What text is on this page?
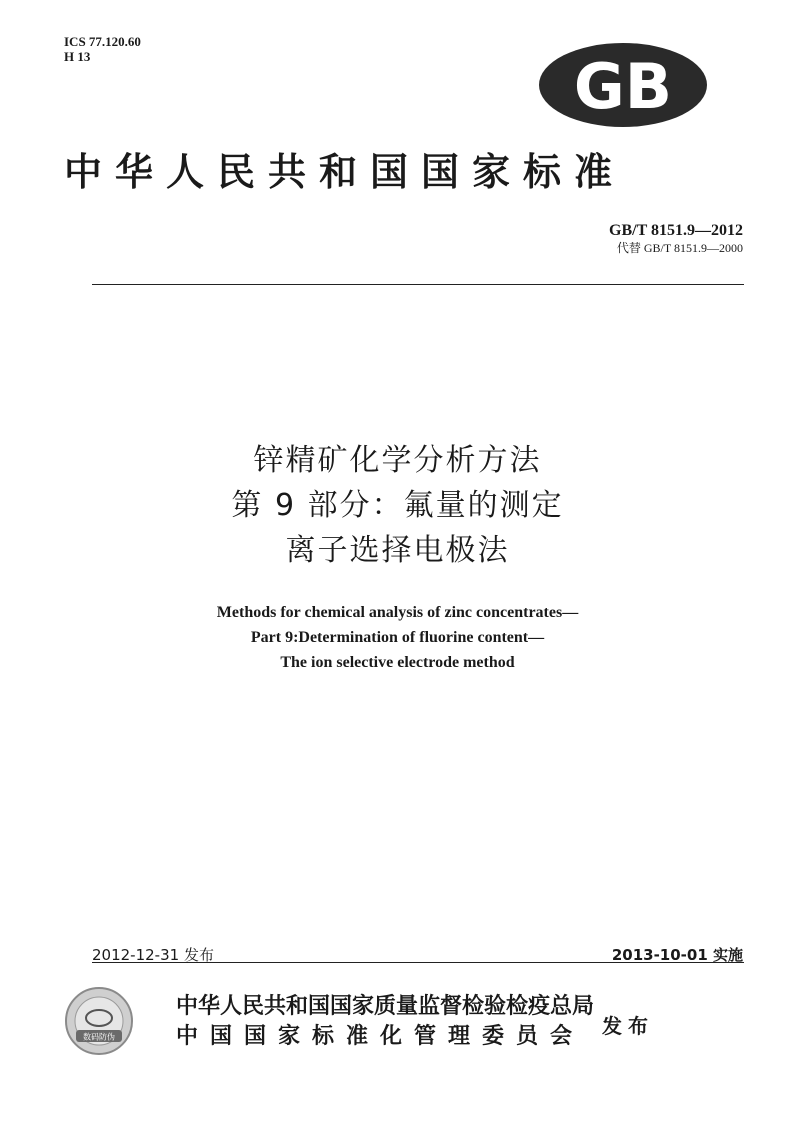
ICS 77.120.60
H 13	GB
中华人民共和国国家标准
GB/T 8151.9—2012
代替 GB/T 8151.9—2000
锌精矿化学分析方法
第 9 部分：氟量的测定
离子选择电极法
Methods for chemical analysis of zinc concentrates—
Part 9:Determination of fluorine content—
The ion selective electrode method
2012-12-31 发布	2013-10-01 实施
数码防伪
中华人民共和国国家质量监督检验检疫总局
中国国家标准化管理委员会 发布
